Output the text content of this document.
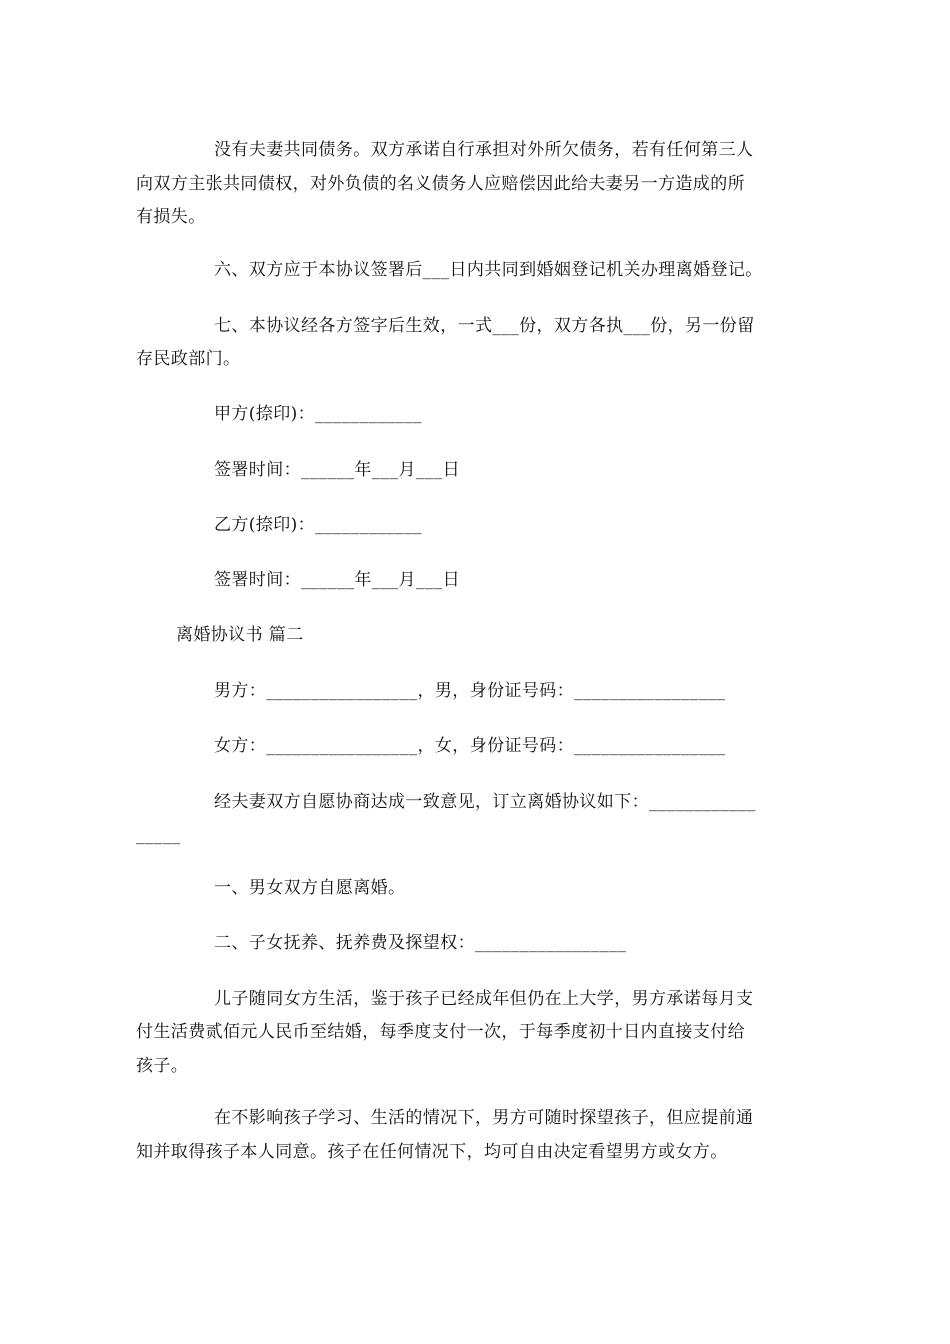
没有夫妻共同债务。双方承诺自行承担对外所欠债务，若有任何第三人
向双方主张共同债权，对外负债的名义债务人应赔偿因此给夫妻另一方造成的所
有损失。
六、双方应于本协议签署后___日内共同到婚姻登记机关办理离婚登记。
七、本协议经各方签字后生效，一式___份，双方各执___份，另一份留
存民政部门。
甲方(捺印)：____________
签署时间：______年___月___日
乙方(捺印)：____________
签署时间：______年___月___日
离婚协议书 篇二
男方：_________________，男，身份证号码：_________________
女方：_________________，女，身份证号码：_________________
经夫妻双方自愿协商达成一致意见，订立离婚协议如下：____________
_____
一、男女双方自愿离婚。
二、子女抚养、抚养费及探望权：_________________
儿子随同女方生活，鉴于孩子已经成年但仍在上大学，男方承诺每月支
付生活费贰佰元人民币至结婚，每季度支付一次，于每季度初十日内直接支付给
孩子。
在不影响孩子学习、生活的情况下，男方可随时探望孩子，但应提前通
知并取得孩子本人同意。孩子在任何情况下，均可自由决定看望男方或女方。
